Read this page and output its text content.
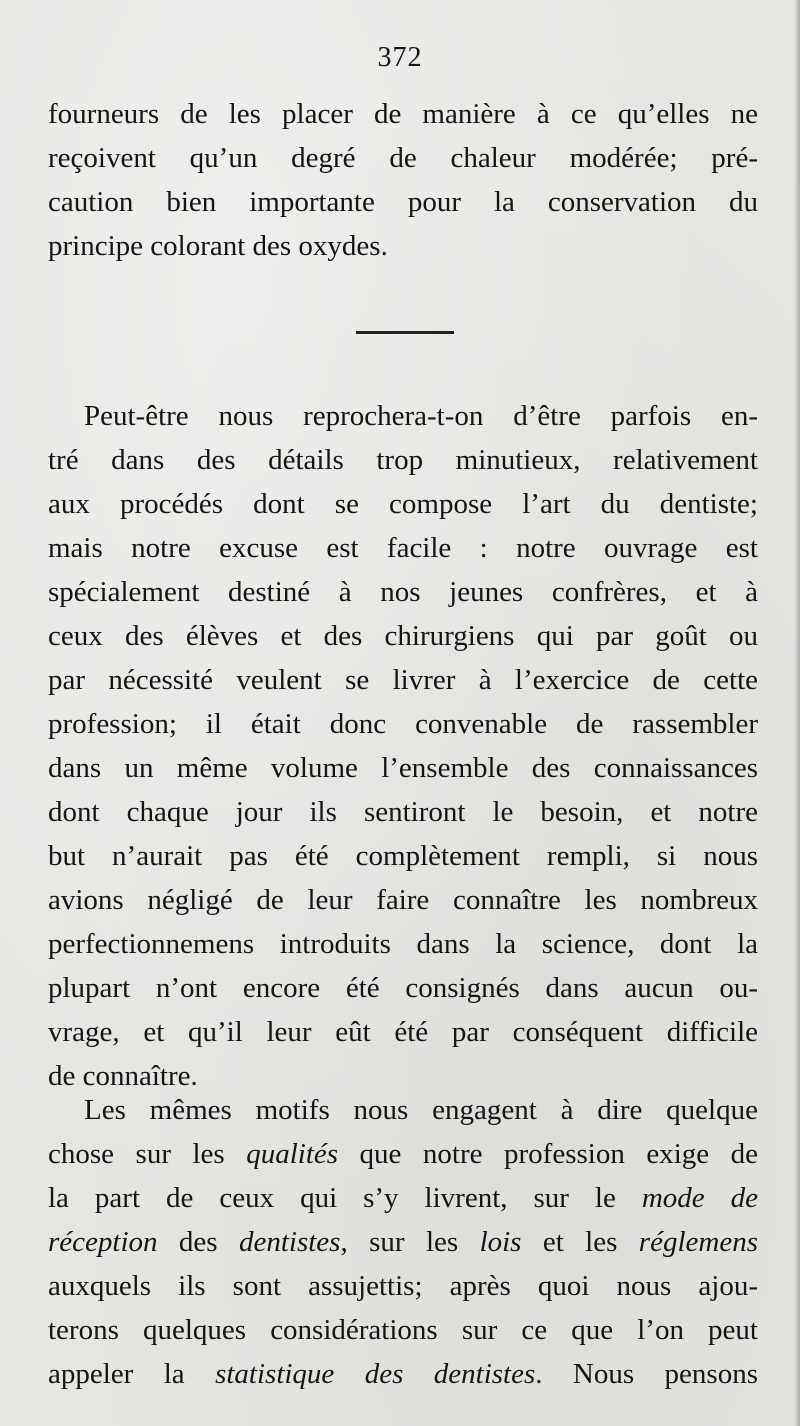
372
fourneurs de les placer de manière à ce qu’elles ne
reçoivent qu’un degré de chaleur modérée; pré-
caution bien importante pour la conservation du
principe colorant des oxydes.
Peut-être nous reprochera-t-on d’être parfois en-
tré dans des détails trop minutieux, relativement
aux procédés dont se compose l’art du dentiste;
mais notre excuse est facile : notre ouvrage est
spécialement destiné à nos jeunes confrères, et à
ceux des élèves et des chirurgiens qui par goût ou
par nécessité veulent se livrer à l’exercice de cette
profession; il était donc convenable de rassembler
dans un même volume l’ensemble des connaissances
dont chaque jour ils sentiront le besoin, et notre
but n’aurait pas été complètement rempli, si nous
avions négligé de leur faire connaître les nombreux
perfectionnemens introduits dans la science, dont la
plupart n’ont encore été consignés dans aucun ou-
vrage, et qu’il leur eût été par conséquent difficile
de connaître.
Les mêmes motifs nous engagent à dire quelque
chose sur les qualités que notre profession exige de
la part de ceux qui s’y livrent, sur le mode de
réception des dentistes, sur les lois et les réglemens
auxquels ils sont assujettis; après quoi nous ajou-
terons quelques considérations sur ce que l’on peut
appeler la statistique des dentistes. Nous pensons
